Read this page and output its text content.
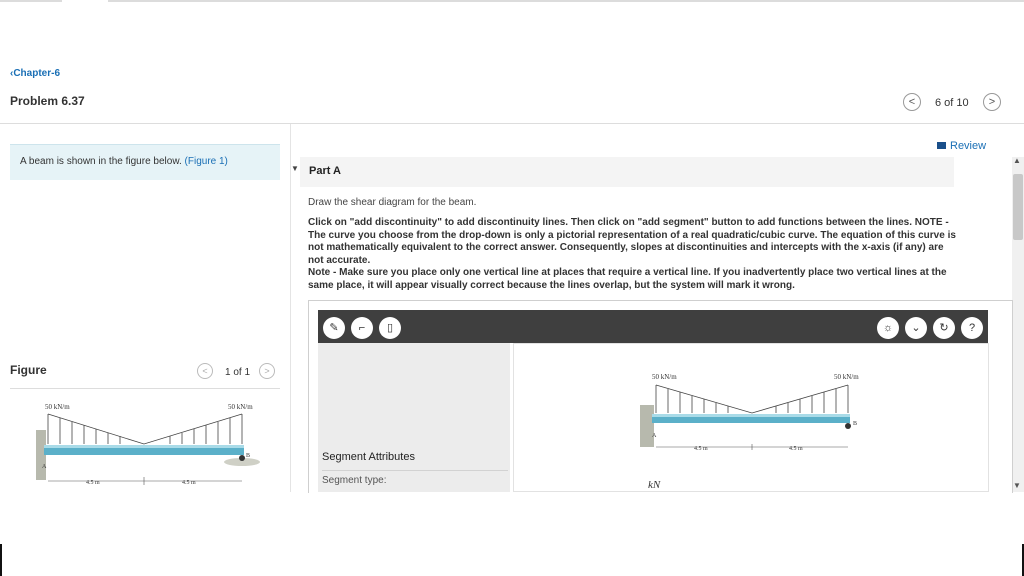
‹Chapter-6
Problem 6.37	<	6 of 10	>
A beam is shown in the figure below. (Figure 1)
Review
▼ Part A
Draw the shear diagram for the beam.

Click on "add discontinuity" to add discontinuity lines. Then click on "add segment" button to add functions between the lines. NOTE - The curve you choose from the drop-down is only a pictorial representation of a real quadratic/cubic curve. The equation of this curve is not mathematically equivalent to the correct answer. Consequently, slopes at discontinuities and intercepts with the x-axis (if any) are not accurate.

Note - Make sure you place only one vertical line at places that require a vertical line. If you inadvertently place two vertical lines at the same place, it will appear visually correct because the lines overlap, but the system will mark it wrong.

▲
▼
✎	⌐	▯	☼	⌄	↻	?
Segment Attributes
Segment type:	kN
50 kN/m	50 kN/m
A
B
4.5 m	4.5 m
Figure	<	1 of 1	>
50 kN/m	50 kN/m
A
B
4.5 m	4.5 m
